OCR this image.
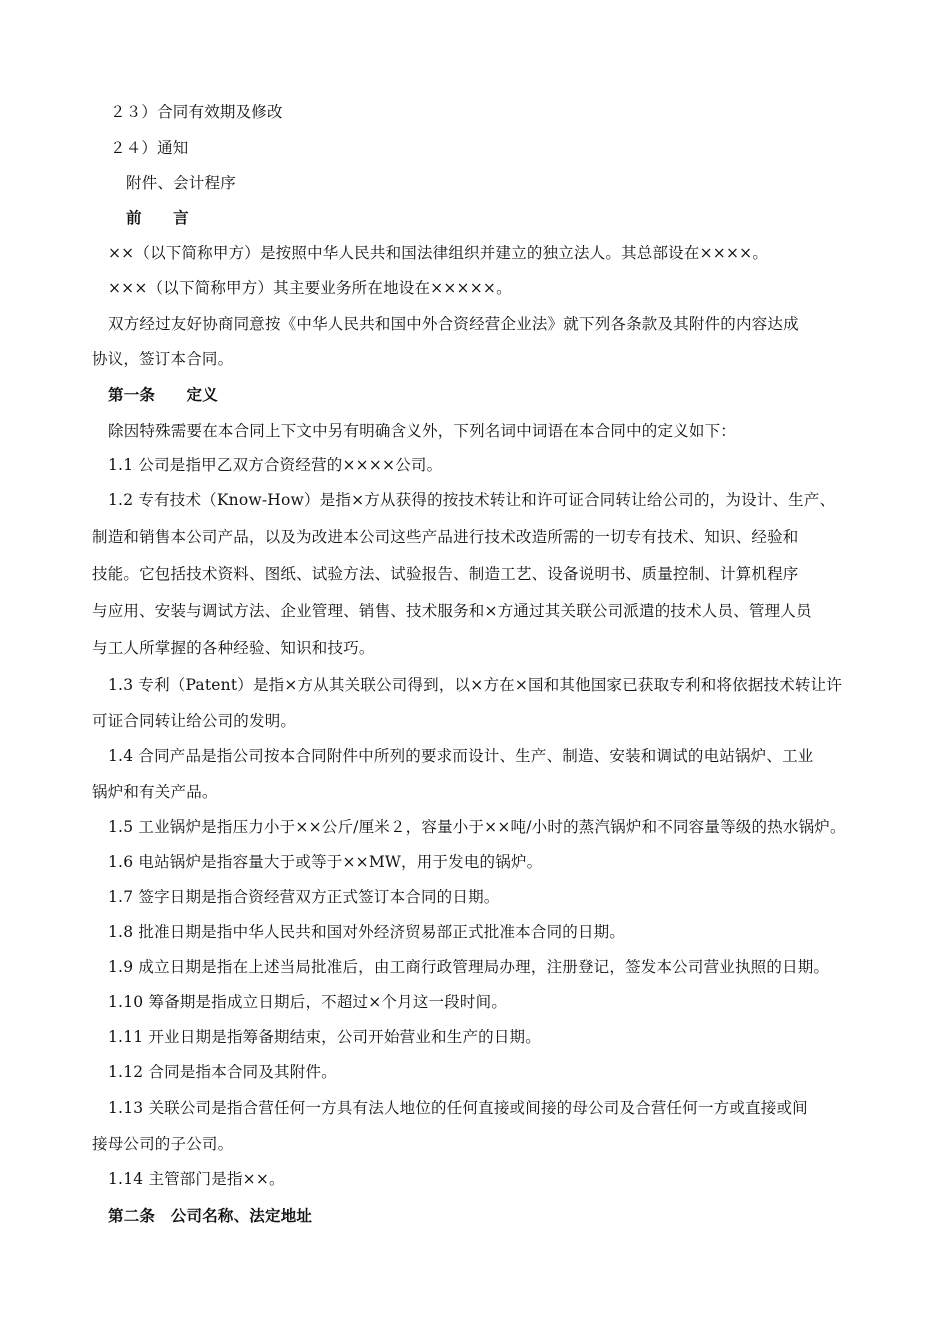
２３）合同有效期及修改
２４）通知
附件、会计程序
前　　言
××（以下简称甲方）是按照中华人民共和国法律组织并建立的独立法人。其总部设在××××。
×××（以下简称甲方）其主要业务所在地设在×××××。
双方经过友好协商同意按《中华人民共和国中外合资经营企业法》就下列各条款及其附件的内容达成
协议，签订本合同。
第一条　　定义
除因特殊需要在本合同上下文中另有明确含义外，下列名词中词语在本合同中的定义如下：
1.1 公司是指甲乙双方合资经营的××××公司。
1.2 专有技术（Know-How）是指×方从获得的按技术转让和许可证合同转让给公司的，为设计、生产、
制造和销售本公司产品，以及为改进本公司这些产品进行技术改造所需的一切专有技术、知识、经验和
技能。它包括技术资料、图纸、试验方法、试验报告、制造工艺、设备说明书、质量控制、计算机程序
与应用、安装与调试方法、企业管理、销售、技术服务和×方通过其关联公司派遣的技术人员、管理人员
与工人所掌握的各种经验、知识和技巧。
1.3 专利（Patent）是指×方从其关联公司得到，以×方在×国和其他国家已获取专利和将依据技术转让许
可证合同转让给公司的发明。
1.4 合同产品是指公司按本合同附件中所列的要求而设计、生产、制造、安装和调试的电站锅炉、工业
锅炉和有关产品。
1.5 工业锅炉是指压力小于××公斤/厘米２，容量小于××吨/小时的蒸汽锅炉和不同容量等级的热水锅炉。
1.6 电站锅炉是指容量大于或等于××MW，用于发电的锅炉。
1.7 签字日期是指合资经营双方正式签订本合同的日期。
1.8 批准日期是指中华人民共和国对外经济贸易部正式批准本合同的日期。
1.9 成立日期是指在上述当局批准后，由工商行政管理局办理，注册登记，签发本公司营业执照的日期。
1.10 筹备期是指成立日期后，不超过×个月这一段时间。
1.11 开业日期是指筹备期结束，公司开始营业和生产的日期。
1.12 合同是指本合同及其附件。
1.13 关联公司是指合营任何一方具有法人地位的任何直接或间接的母公司及合营任何一方或直接或间
接母公司的子公司。
1.14 主管部门是指××。
第二条　公司名称、法定地址
